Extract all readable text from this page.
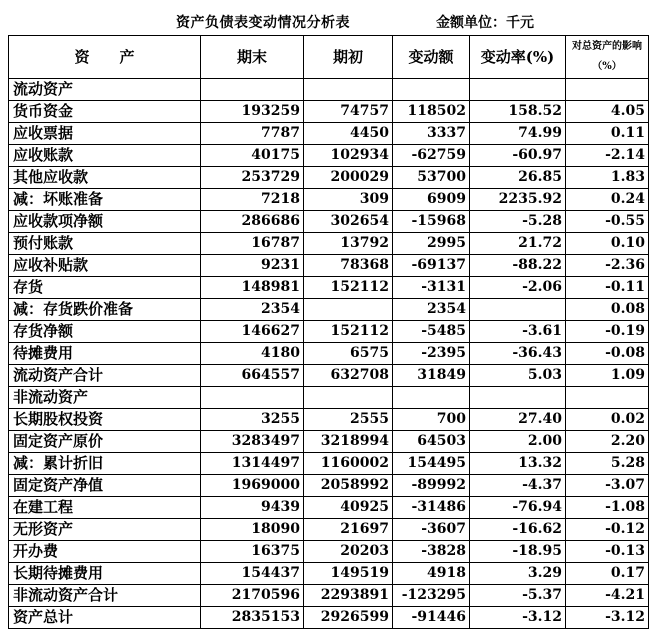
资产负债表变动情况分析表	金额单位：千元
资　　产	期末	期初	变动额	变动率(%)	对总资产的影响（%）
流动资产					
货币资金	193259	74757	118502	158.52	4.05
应收票据	7787	4450	3337	74.99	0.11
应收账款	40175	102934	-62759	-60.97	-2.14
其他应收款	253729	200029	53700	26.85	1.83
减：坏账准备	7218	309	6909	2235.92	0.24
应收款项净额	286686	302654	-15968	-5.28	-0.55
预付账款	16787	13792	2995	21.72	0.10
应收补贴款	9231	78368	-69137	-88.22	-2.36
存货	148981	152112	-3131	-2.06	-0.11
减：存货跌价准备	2354		2354		0.08
存货净额	146627	152112	-5485	-3.61	-0.19
待摊费用	4180	6575	-2395	-36.43	-0.08
流动资产合计	664557	632708	31849	5.03	1.09
非流动资产					
长期股权投资	3255	2555	700	27.40	0.02
固定资产原价	3283497	3218994	64503	2.00	2.20
减：累计折旧	1314497	1160002	154495	13.32	5.28
固定资产净值	1969000	2058992	-89992	-4.37	-3.07
在建工程	9439	40925	-31486	-76.94	-1.08
无形资产	18090	21697	-3607	-16.62	-0.12
开办费	16375	20203	-3828	-18.95	-0.13
长期待摊费用	154437	149519	4918	3.29	0.17
非流动资产合计	2170596	2293891	-123295	-5.37	-4.21
资产总计	2835153	2926599	-91446	-3.12	-3.12
